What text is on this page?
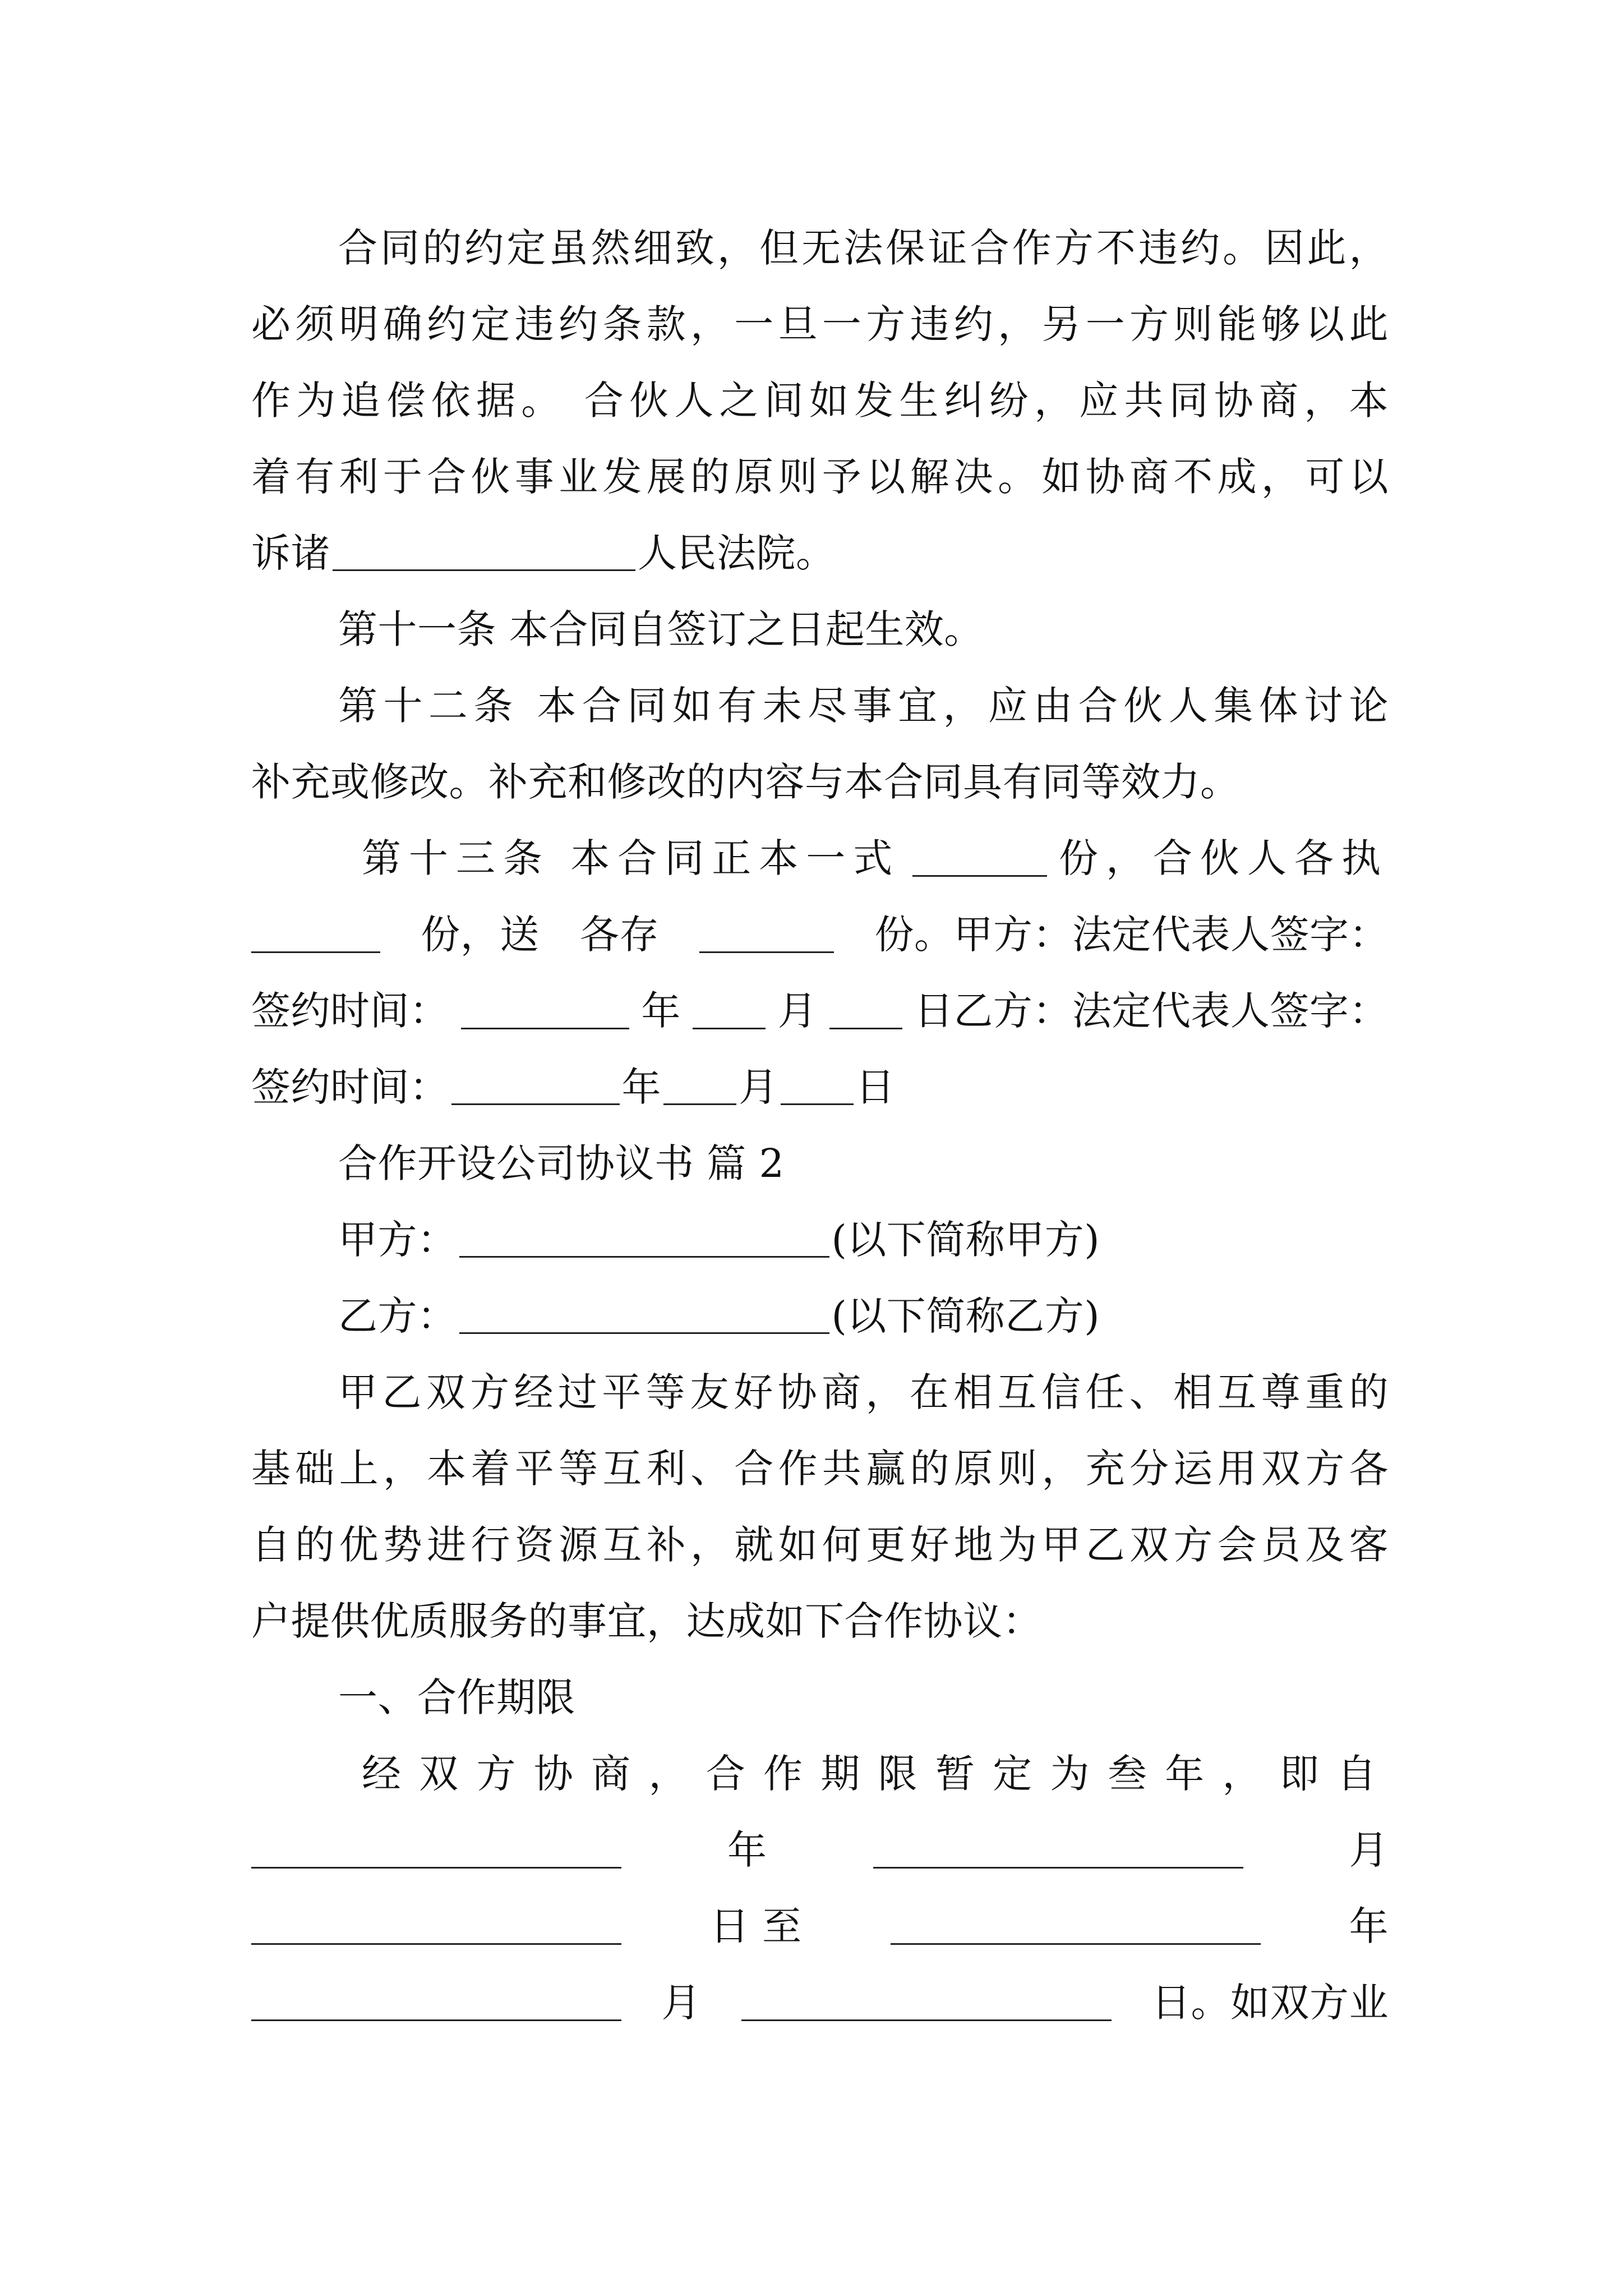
合同的约定虽然细致，但无法保证合作方不违约。因此，
必须明确约定违约条款，一旦一方违约，另一方则能够以此
作为追偿依据。 合伙人之间如发生纠纷，应共同协商，本
着有利于合伙事业发展的原则予以解决。如协商不成，可以
诉诸	人民法院。
第十一条 本合同自签订之日起生效。
第十二条 本合同如有未尽事宜，应由合伙人集体讨论
补充或修改。补充和修改的内容与本合同具有同等效力。
第十三条 本合同正本一式	份，合伙人各执
份，送 各存	份。甲方：法定代表人签字：
签约时间：	年 月 日乙方：法定代表人签字：
签约时间：	年 月 日
合作开设公司协议书 篇 2
甲方：	(以下简称甲方)
乙方：	(以下简称乙方)
甲乙双方经过平等友好协商，在相互信任、相互尊重的
基础上，本着平等互利、合作共赢的原则，充分运用双方各
自的优势进行资源互补，就如何更好地为甲乙双方会员及客
户提供优质服务的事宜，达成如下合作协议：
一、合作期限
经双方协商，合作期限暂定为叁年，即自
年	月
日 至	年
月	日。如双方业
